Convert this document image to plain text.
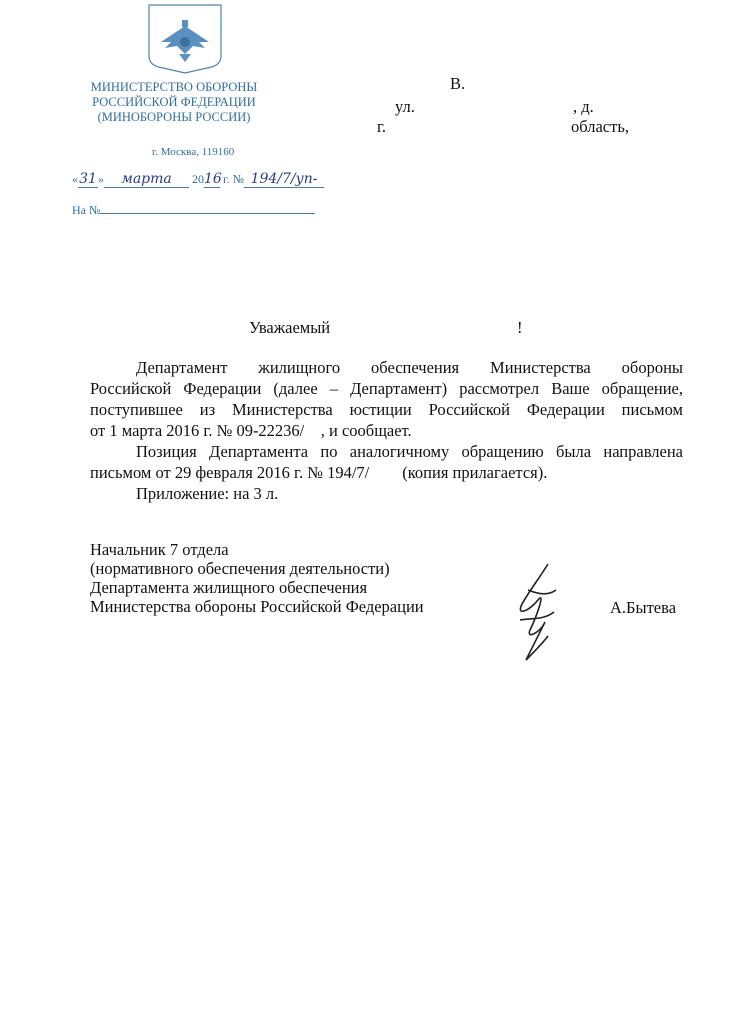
МИНИСТЕРСТВО ОБОРОНЫ
РОССИЙСКОЙ ФЕДЕРАЦИИ
(МИНОБОРОНЫ РОССИИ)
г. Москва, 119160
«31» марта 2016 г. № 194/7/уп-
На №
В.
ул.	, д.
г.	область,
Уважаемый	!
Департамент жилищного обеспечения Министерства обороны
Российской Федерации (далее – Департамент) рассмотрел Ваше обращение,
поступившее из Министерства юстиции Российской Федерации письмом
от 1 марта 2016 г. № 09-22236/    , и сообщает.
Позиция Департамента по аналогичному обращению была направлена
письмом от 29 февраля 2016 г. № 194/7/        (копия прилагается).
Приложение: на 3 л.
Начальник 7 отдела
(нормативного обеспечения деятельности)
Департамента жилищного обеспечения
Министерства обороны Российской Федерации	А.Бытева
